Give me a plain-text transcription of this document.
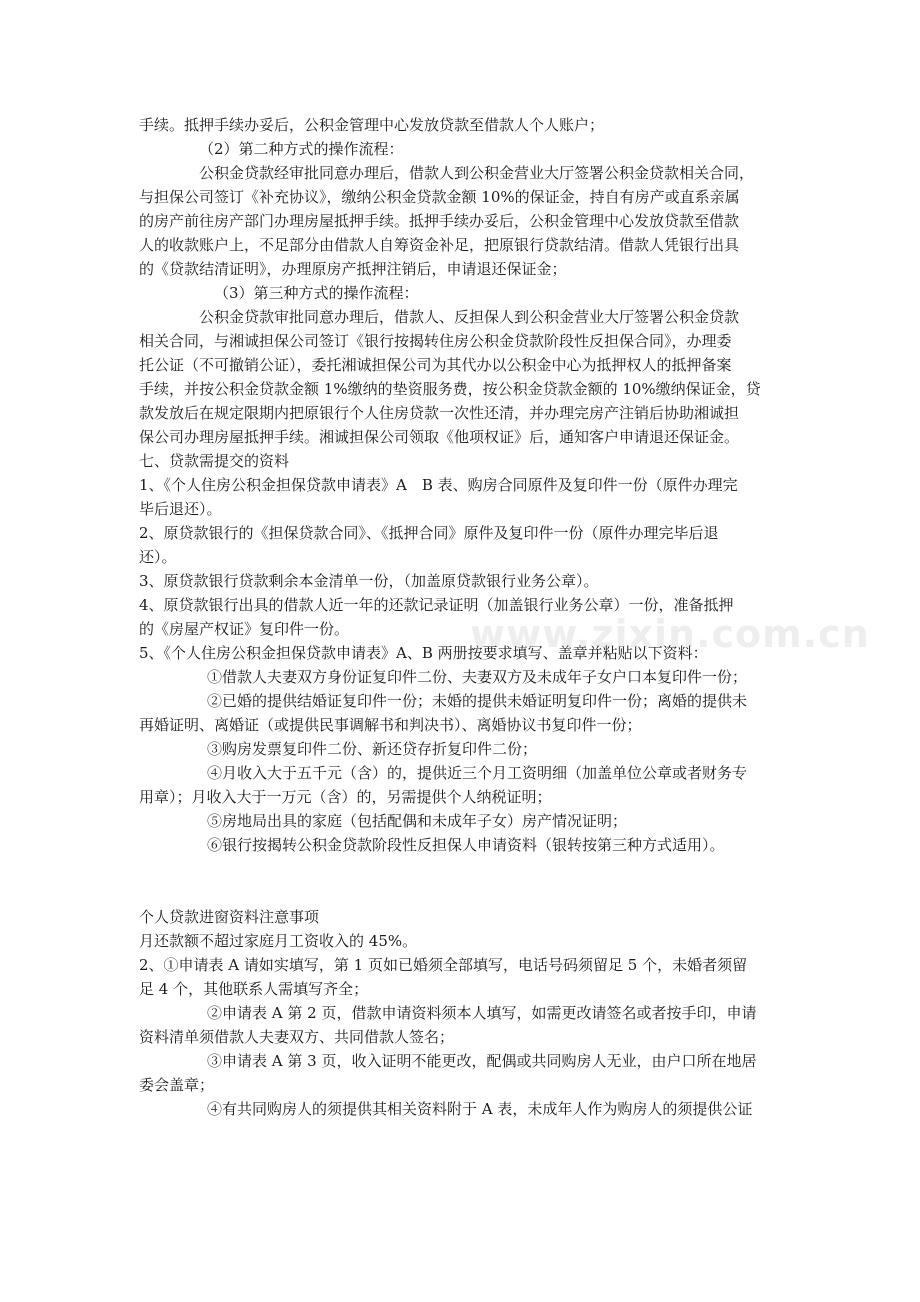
手续。抵押手续办妥后，公积金管理中心发放贷款至借款人个人账户；
（2）第二种方式的操作流程：
公积金贷款经审批同意办理后，借款人到公积金营业大厅签署公积金贷款相关合同，
与担保公司签订《补充协议》，缴纳公积金贷款金额 10%的保证金，持自有房产或直系亲属
的房产前往房产部门办理房屋抵押手续。抵押手续办妥后，公积金管理中心发放贷款至借款
人的收款账户上，不足部分由借款人自筹资金补足，把原银行贷款结清。借款人凭银行出具
的《贷款结清证明》，办理原房产抵押注销后，申请退还保证金；
（3）第三种方式的操作流程：
公积金贷款审批同意办理后，借款人、反担保人到公积金营业大厅签署公积金贷款
相关合同，与湘诚担保公司签订《银行按揭转住房公积金贷款阶段性反担保合同》，办理委
托公证（不可撤销公证），委托湘诚担保公司为其代办以公积金中心为抵押权人的抵押备案
手续，并按公积金贷款金额 1%缴纳的垫资服务费，按公积金贷款金额的 10%缴纳保证金，贷
款发放后在规定限期内把原银行个人住房贷款一次性还清，并办理完房产注销后协助湘诚担
保公司办理房屋抵押手续。湘诚担保公司领取《他项权证》后，通知客户申请退还保证金。
七、贷款需提交的资料
1、《个人住房公积金担保贷款申请表》A　B 表、购房合同原件及复印件一份（原件办理完
毕后退还）。
2、原贷款银行的《担保贷款合同》、《抵押合同》原件及复印件一份（原件办理完毕后退
还）。
3、原贷款银行贷款剩余本金清单一份，（加盖原贷款银行业务公章）。
4、原贷款银行出具的借款人近一年的还款记录证明（加盖银行业务公章）一份，准备抵押
的《房屋产权证》复印件一份。
5、《个人住房公积金担保贷款申请表》A、B 两册按要求填写、盖章并粘贴以下资料：
①借款人夫妻双方身份证复印件二份、夫妻双方及未成年子女户口本复印件一份；
②已婚的提供结婚证复印件一份；未婚的提供未婚证明复印件一份；离婚的提供未
再婚证明、离婚证（或提供民事调解书和判决书）、离婚协议书复印件一份；
③购房发票复印件二份、新还贷存折复印件二份；
④月收入大于五千元（含）的，提供近三个月工资明细（加盖单位公章或者财务专
用章）；月收入大于一万元（含）的，另需提供个人纳税证明；
⑤房地局出具的家庭（包括配偶和未成年子女）房产情况证明；
⑥银行按揭转公积金贷款阶段性反担保人申请资料（银转按第三种方式适用）。
个人贷款进窗资料注意事项
月还款额不超过家庭月工资收入的 45%。
2、①申请表 A 请如实填写，第 1 页如已婚须全部填写，电话号码须留足 5 个，未婚者须留
足 4 个，其他联系人需填写齐全；
②申请表 A 第 2 页，借款申请资料须本人填写，如需更改请签名或者按手印，申请
资料清单须借款人夫妻双方、共同借款人签名；
③申请表 A 第 3 页，收入证明不能更改，配偶或共同购房人无业，由户口所在地居
委会盖章；
④有共同购房人的须提供其相关资料附于 A 表，未成年人作为购房人的须提供公证
www.zixin.com.cn
